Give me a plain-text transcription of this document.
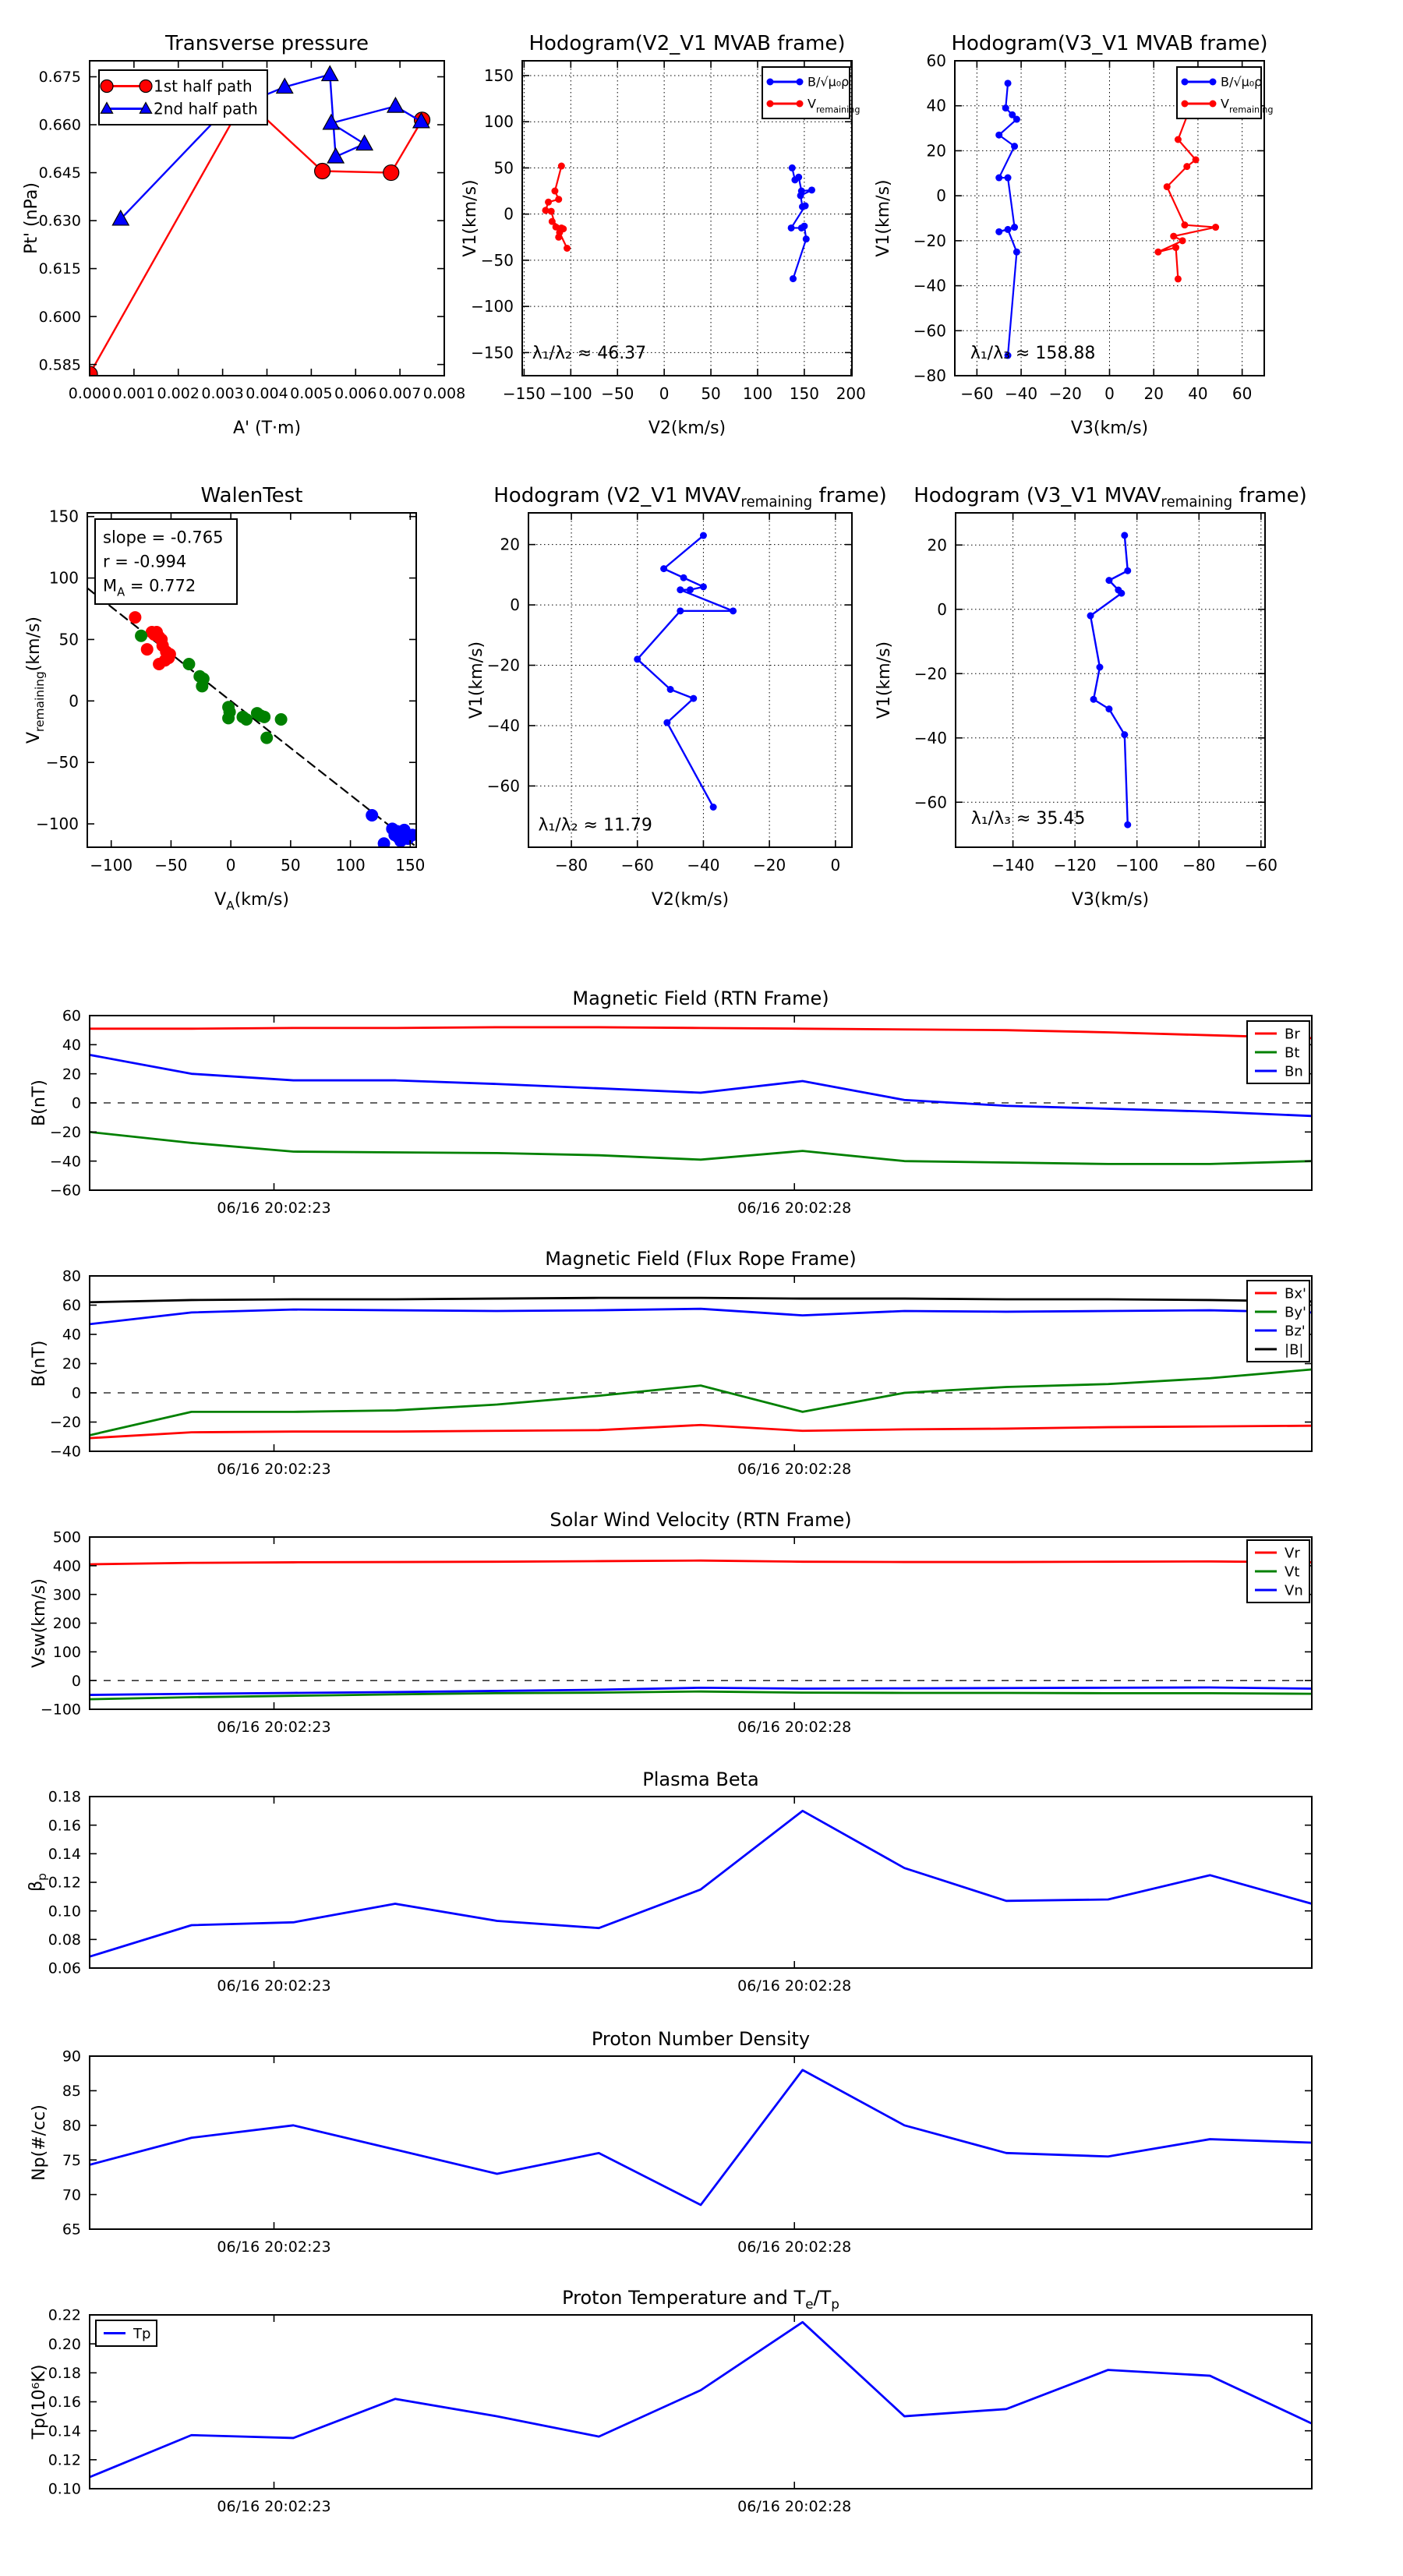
0.000 0.001 0.002 0.003 0.004 0.005 0.006 0.007 0.008
0.585
0.600
0.615
0.630
0.645
0.660
0.675
Transverse pressure
A' (T·m)
Pt' (nPa)
1st half path
2nd half path
−150 −100 −50 0 50 100 150 200
−150
−100
−50
0
50
100
150
Hodogram(V2_V1 MVAB frame)
V2(km/s)
V1(km/s)
B/√μ₀ρ
$V_{remaining}$
λ₁/λ₂ ≈ 46.37
−60 −40 −20 0 20 40 60
−80
−60
−40
−20
0
20
40
60
Hodogram(V3_V1 MVAB frame)
V3(km/s)
V1(km/s)
B/√μ₀ρ
$V_{remaining}$
λ₁/λ₃ ≈ 158.88
−100 −50 0	50 100 150
−100
−50
0
50
100
150
WalenTest
$V_A(km/s)$
$V_{remaining}(km/s)$
slope = -0.765
r = -0.994
$M_A = 0.772$
−80 −60 −40 −20	0
−60
−40
−20
0
20
Hodogram (V2_V1 $MVAV_{remaining}$ frame)
V2(km/s)
V1(km/s)
λ₁/λ₂ ≈ 11.79
−140 −120 −100 −80 −60
−60
−40
−20
0
20
Hodogram (V3_V1 $MVAV_{remaining}$ frame)
V3(km/s)
V1(km/s)
λ₁/λ₃ ≈ 35.45
06/16 20:02:23	06/16 20:02:28
−60
−40
−20
0
20
40
60
Magnetic Field (RTN Frame)
B(nT)
Br
Bt
Bn
06/16 20:02:23	06/16 20:02:28
−40
−20
0
20
40
60
80
Magnetic Field (Flux Rope Frame)
B(nT)
Bx'
By'
Bz'
|B|
06/16 20:02:23	06/16 20:02:28
−100
0
100
200
300
400
500
Solar Wind Velocity (RTN Frame)
Vsw(km/s)
Vr
Vt
Vn
06/16 20:02:23	06/16 20:02:28
0.06
0.08
0.10
0.12
0.14
0.16
0.18
Plasma Beta
$\beta_p$
06/16 20:02:23	06/16 20:02:28
65
70
75
80
85
90
Proton Number Density
Np(#/cc)
06/16 20:02:23	06/16 20:02:28
0.10
0.12
0.14
0.16
0.18
0.20
0.22
Proton Temperature and $T_e/T_p$
Tp(10⁶K)
Tp
